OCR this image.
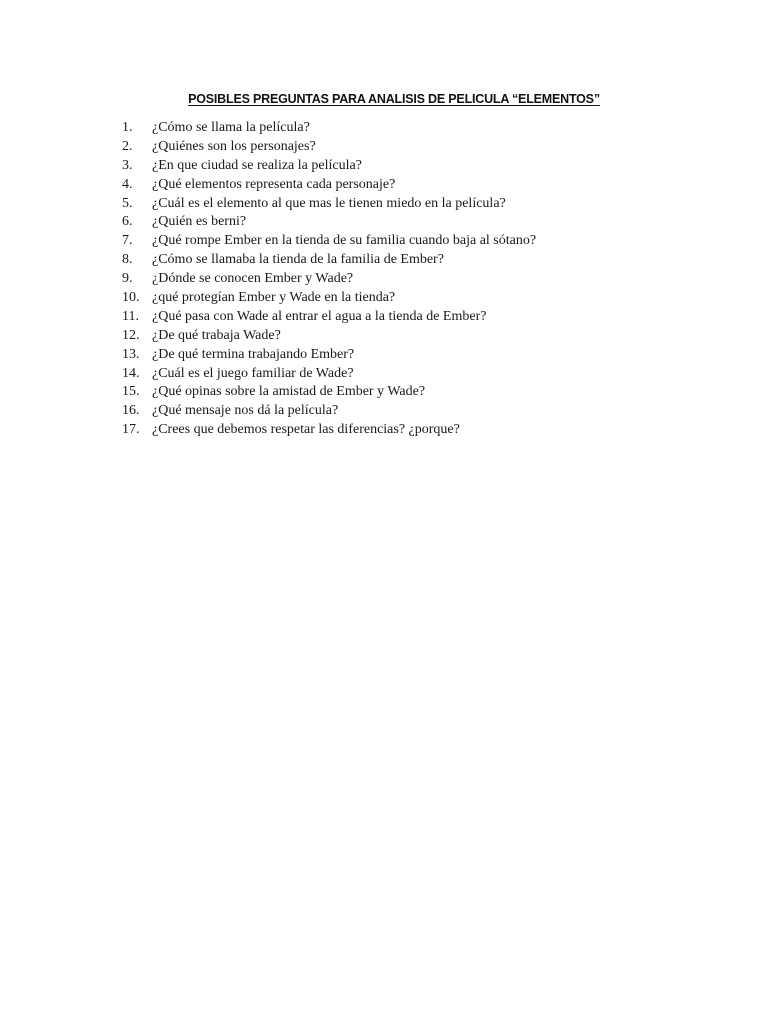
POSIBLES PREGUNTAS PARA ANALISIS DE PELICULA “ELEMENTOS”
1. ¿Cómo se llama la película?
2. ¿Quiénes son los personajes?
3. ¿En que ciudad se realiza la película?
4. ¿Qué elementos representa cada personaje?
5. ¿Cuál es el elemento al que mas le tienen miedo en la película?
6. ¿Quién es berni?
7. ¿Qué rompe Ember en la tienda de su familia cuando baja al sótano?
8. ¿Cómo se llamaba la tienda de la familia de Ember?
9. ¿Dónde se conocen Ember y Wade?
10. ¿qué protegían Ember y Wade en la tienda?
11. ¿Qué pasa con Wade al entrar el agua a la tienda de Ember?
12. ¿De qué trabaja Wade?
13. ¿De qué termina trabajando Ember?
14. ¿Cuál es el juego familiar de Wade?
15. ¿Qué opinas sobre la amistad de Ember y Wade?
16. ¿Qué mensaje nos dá la película?
17. ¿Crees que debemos respetar las diferencias? ¿porque?
